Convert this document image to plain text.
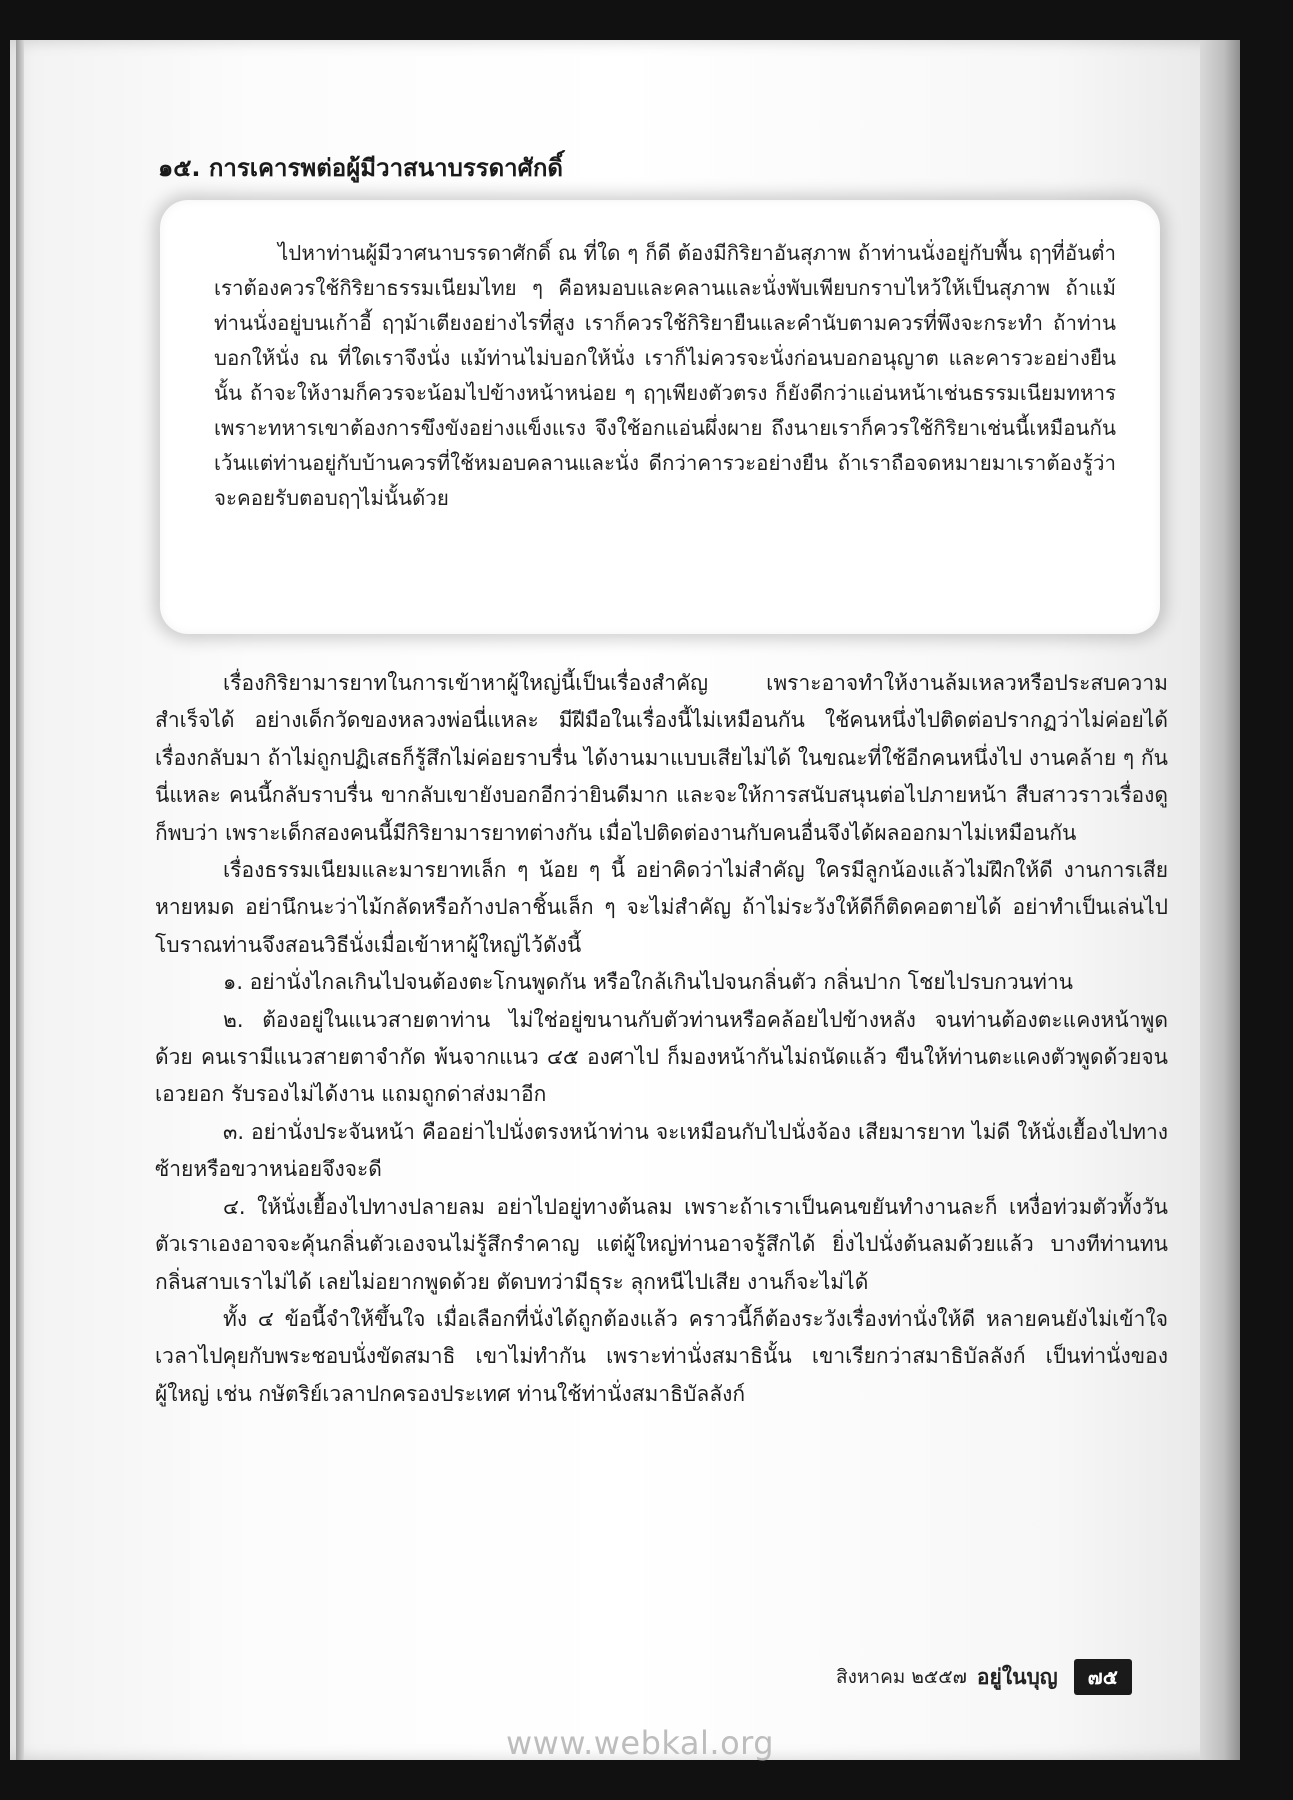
๑๕. การเคารพต่อผู้มีวาสนาบรรดาศักดิ์

ไปหาท่านผู้มีวาศนาบรรดาศักดิ์ ณ ที่ใด ๆ ก็ดี ต้องมีกิริยาอันสุภาพ ถ้าท่านนั่งอยู่กับพื้น ฤๅที่อันต่ำ เราต้องควรใช้กิริยาธรรมเนียมไทย ๆ คือหมอบและคลานและนั่งพับเพียบกราบไหว้ให้เป็นสุภาพ ถ้าแม้ท่านนั่งอยู่บนเก้าอี้ ฤๅม้าเตียงอย่างไรที่สูง เราก็ควรใช้กิริยายืนและคำนับตามควรที่พึงจะกระทำ ถ้าท่านบอกให้นั่ง ณ ที่ใดเราจึงนั่ง แม้ท่านไม่บอกให้นั่ง เราก็ไม่ควรจะนั่งก่อนบอกอนุญาต และคารวะอย่างยืนนั้น ถ้าจะให้งามก็ควรจะน้อมไปข้างหน้าหน่อย ๆ ฤๅเพียงตัวตรง ก็ยังดีกว่าแอ่นหน้าเช่นธรรมเนียมทหาร เพราะทหารเขาต้องการขึงขังอย่างแข็งแรง จึงใช้อกแอ่นผึ่งผาย ถึงนายเราก็ควรใช้กิริยาเช่นนี้เหมือนกัน เว้นแต่ท่านอยู่กับบ้านควรที่ใช้หมอบคลานและนั่ง ดีกว่าคารวะอย่างยืน ถ้าเราถือจดหมายมาเราต้องรู้ว่าจะคอยรับตอบฤๅไม่นั้นด้วย

เรื่องกิริยามารยาทในการเข้าหาผู้ใหญ่นี้เป็นเรื่องสำคัญ เพราะอาจทำให้งานล้มเหลวหรือประสบความสำเร็จได้ อย่างเด็กวัดของหลวงพ่อนี่แหละ มีฝีมือในเรื่องนี้ไม่เหมือนกัน ใช้คนหนึ่งไปติดต่อปรากฏว่าไม่ค่อยได้เรื่องกลับมา ถ้าไม่ถูกปฏิเสธก็รู้สึกไม่ค่อยราบรื่น ได้งานมาแบบเสียไม่ได้ ในขณะที่ใช้อีกคนหนึ่งไป งานคล้าย ๆ กันนี่แหละ คนนี้กลับราบรื่น ขากลับเขายังบอกอีกว่ายินดีมาก และจะให้การสนับสนุนต่อไปภายหน้า สืบสาวราวเรื่องดูก็พบว่า เพราะเด็กสองคนนี้มีกิริยามารยาทต่างกัน เมื่อไปติดต่องานกับคนอื่นจึงได้ผลออกมาไม่เหมือนกัน

เรื่องธรรมเนียมและมารยาทเล็ก ๆ น้อย ๆ นี้ อย่าคิดว่าไม่สำคัญ ใครมีลูกน้องแล้วไม่ฝึกให้ดี งานการเสียหายหมด อย่านึกนะว่าไม้กลัดหรือก้างปลาชิ้นเล็ก ๆ จะไม่สำคัญ ถ้าไม่ระวังให้ดีก็ติดคอตายได้ อย่าทำเป็นเล่นไป โบราณท่านจึงสอนวิธีนั่งเมื่อเข้าหาผู้ใหญ่ไว้ดังนี้

๑. อย่านั่งไกลเกินไปจนต้องตะโกนพูดกัน หรือใกล้เกินไปจนกลิ่นตัว กลิ่นปาก โชยไปรบกวนท่าน

๒. ต้องอยู่ในแนวสายตาท่าน ไม่ใช่อยู่ขนานกับตัวท่านหรือคล้อยไปข้างหลัง จนท่านต้องตะแคงหน้าพูดด้วย คนเรามีแนวสายตาจำกัด พ้นจากแนว ๔๕ องศาไป ก็มองหน้ากันไม่ถนัดแล้ว ขืนให้ท่านตะแคงตัวพูดด้วยจนเอวยอก รับรองไม่ได้งาน แถมถูกด่าส่งมาอีก

๓. อย่านั่งประจันหน้า คืออย่าไปนั่งตรงหน้าท่าน จะเหมือนกับไปนั่งจ้อง เสียมารยาท ไม่ดี ให้นั่งเยื้องไปทางซ้ายหรือขวาหน่อยจึงจะดี

๔. ให้นั่งเยื้องไปทางปลายลม อย่าไปอยู่ทางต้นลม เพราะถ้าเราเป็นคนขยันทำงานละก็ เหงื่อท่วมตัวทั้งวัน ตัวเราเองอาจจะคุ้นกลิ่นตัวเองจนไม่รู้สึกรำคาญ แต่ผู้ใหญ่ท่านอาจรู้สึกได้ ยิ่งไปนั่งต้นลมด้วยแล้ว บางทีท่านทนกลิ่นสาบเราไม่ได้ เลยไม่อยากพูดด้วย ตัดบทว่ามีธุระ ลุกหนีไปเสีย งานก็จะไม่ได้

ทั้ง ๔ ข้อนี้จำให้ขึ้นใจ เมื่อเลือกที่นั่งได้ถูกต้องแล้ว คราวนี้ก็ต้องระวังเรื่องท่านั่งให้ดี หลายคนยังไม่เข้าใจ เวลาไปคุยกับพระชอบนั่งขัดสมาธิ เขาไม่ทำกัน เพราะท่านั่งสมาธินั้น เขาเรียกว่าสมาธิบัลลังก์ เป็นท่านั่งของผู้ใหญ่ เช่น กษัตริย์เวลาปกครองประเทศ ท่านใช้ท่านั่งสมาธิบัลลังก์

สิงหาคม ๒๕๕๗ อยู่ในบุญ	๗๕
www.webkal.org
